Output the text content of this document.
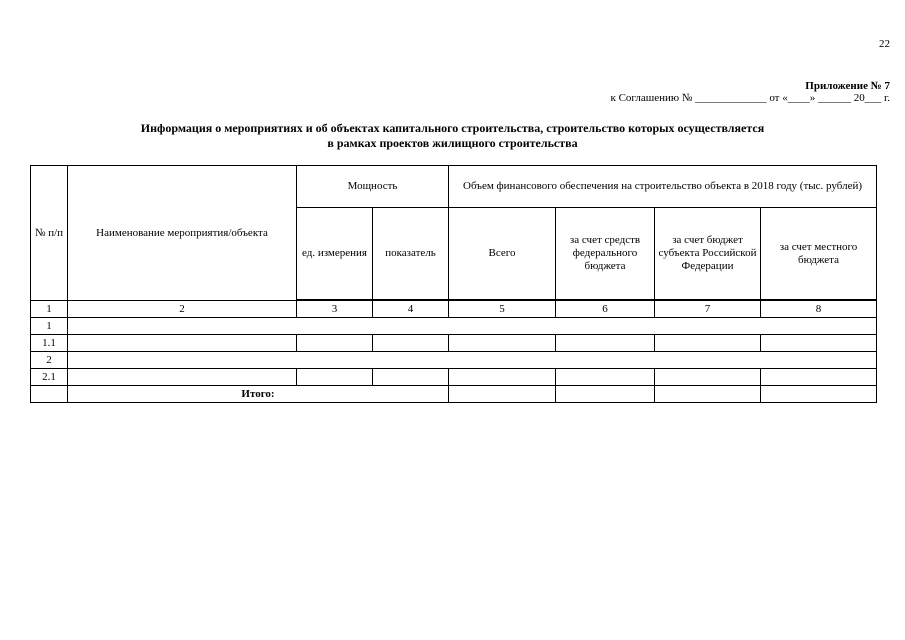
22
Приложение № 7
к Соглашению № _____________ от «____» ______ 20___ г.
Информация о мероприятиях и об объектах капитального строительства, строительство которых осуществляется
в рамках проектов жилищного строительства
№ п/п	Наименование мероприятия/объекта	Мощность		Объем финансового обеспечения на строительство объекта в 2018 году (тыс. рублей)			
		ед. измерения	показатель	Всего	за счет средств федерального бюджета	за счет бюджет субъекта Российской Федерации	за счет местного бюджета

1	2	3	4	5	6	7	8
1							
1.1							
2							
2.1							
	Итого:						
